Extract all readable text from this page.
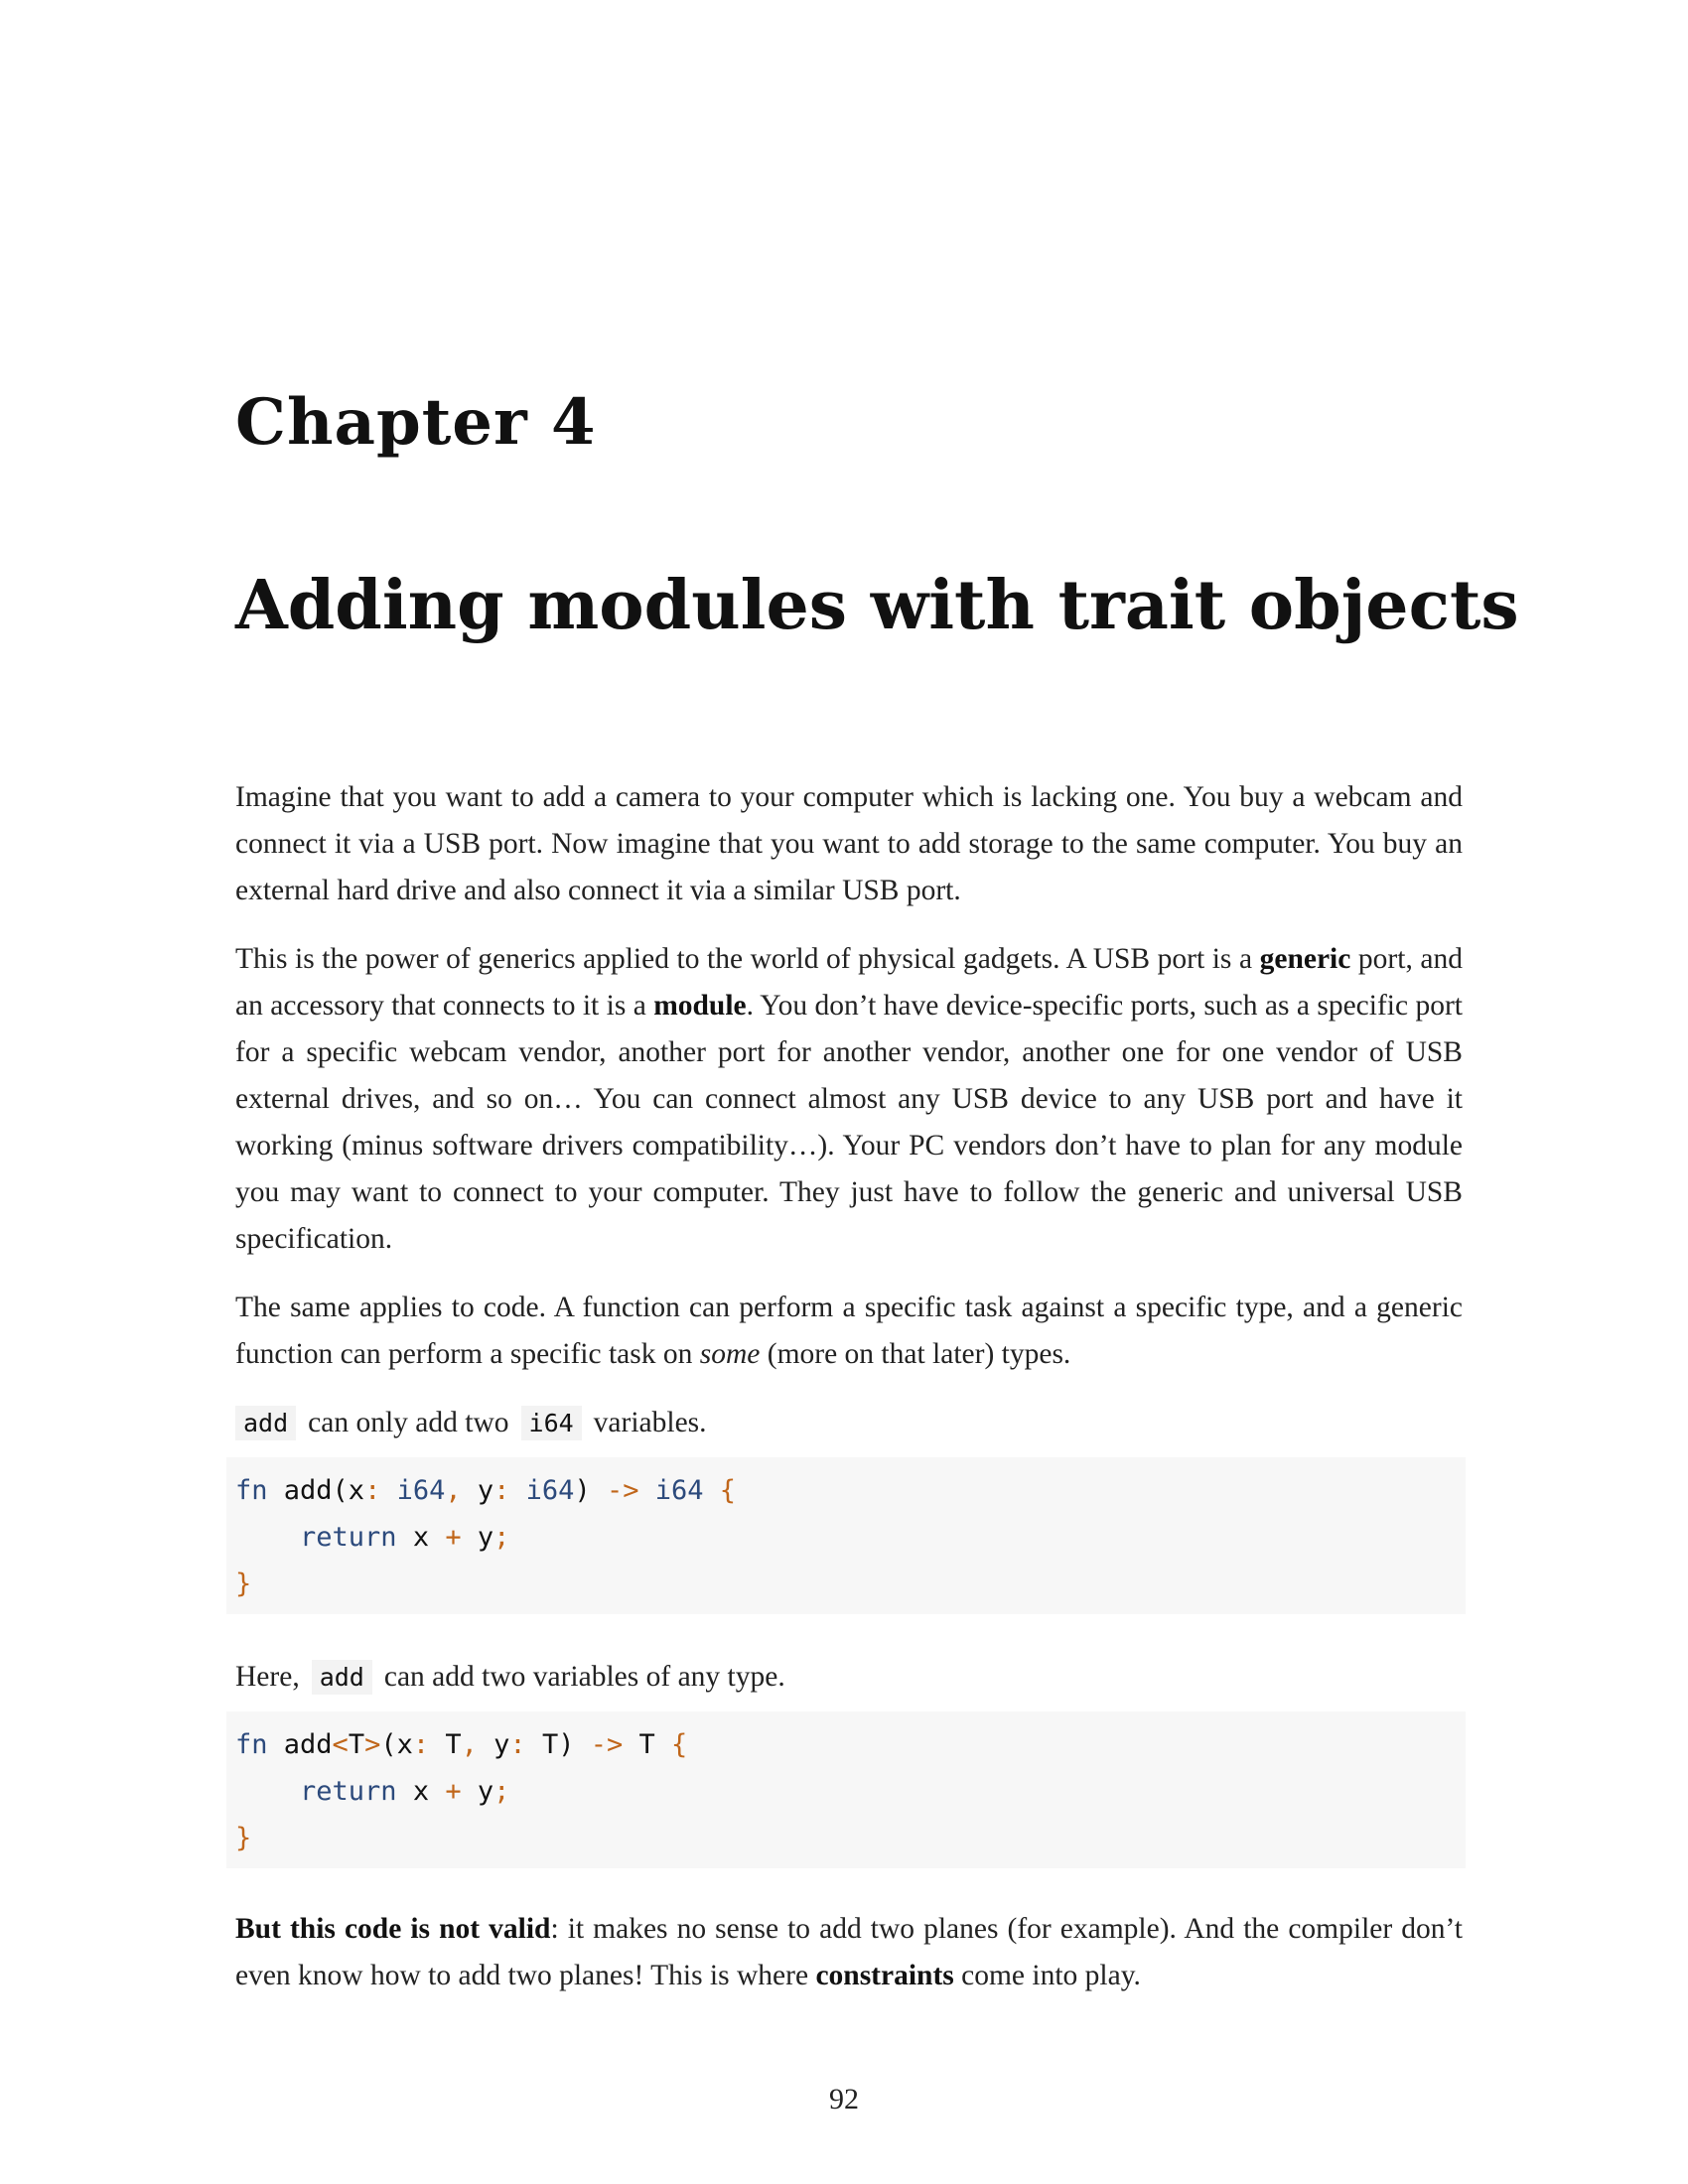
Chapter 4
Adding modules with trait objects

Imagine that you want to add a camera to your computer which is lacking one. You buy a webcam and connect it via a USB port. Now imagine that you want to add storage to the same computer. You buy an external hard drive and also connect it via a similar USB port.

This is the power of generics applied to the world of physical gadgets. A USB port is a generic port, and an accessory that connects to it is a module. You don’t have device-specific ports, such as a specific port for a specific webcam vendor, another port for another vendor, another one for one vendor of USB external drives, and so on… You can connect almost any USB device to any USB port and have it working (minus software drivers compatibility…). Your PC vendors don’t have to plan for any module you may want to connect to your computer. They just have to follow the generic and universal USB specification.

The same applies to code. A function can perform a specific task against a specific type, and a generic function can perform a specific task on some (more on that later) types.

add can only add two i64 variables.

fn add(x: i64, y: i64) -> i64 {
return x + y;
}

Here, add can add two variables of any type.

fn add<T>(x: T, y: T) -> T {
return x + y;
}

But this code is not valid: it makes no sense to add two planes (for example). And the compiler don’t even know how to add two planes! This is where constraints come into play.

92
